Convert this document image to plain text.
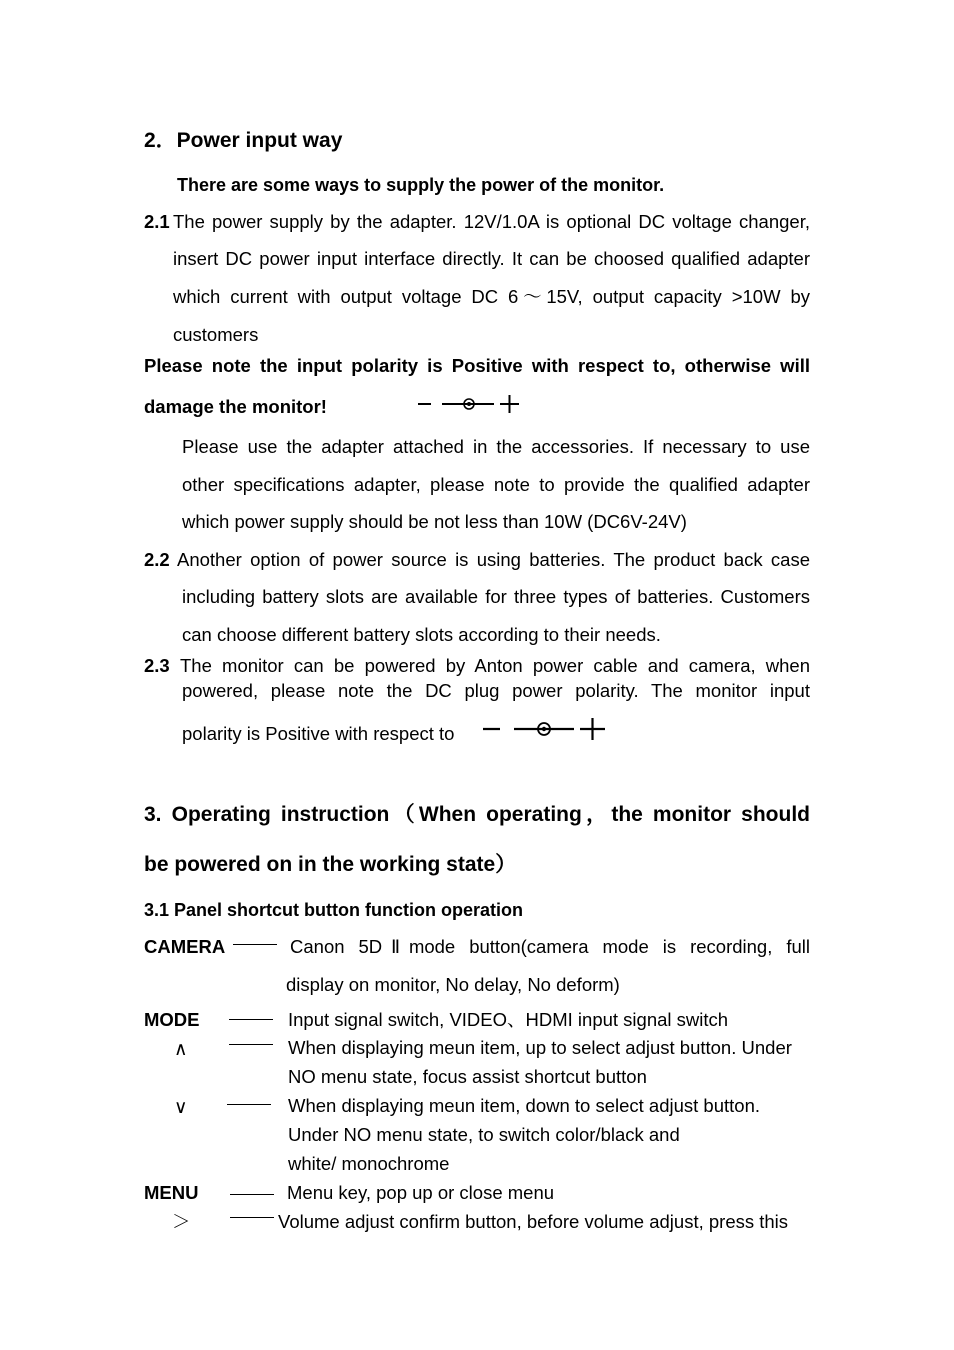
2．Power input way
There are some ways to supply the power of the monitor.
2.1 The power supply by the adapter. 12V/1.0A is optional DC voltage changer,
insert DC power input interface directly. It can be choosed qualified adapter
which current with output voltage DC 6～15V, output capacity >10W by
customers
Please note the input polarity is Positive with respect to, otherwise will
damage the monitor!
Please use the adapter attached in the accessories. If necessary to use
other specifications adapter, please note to provide the qualified adapter
which power supply should be not less than 10W (DC6V-24V)
2.2 Another option of power source is using batteries. The product back case
including battery slots are available for three types of batteries. Customers
can choose different battery slots according to their needs.
2.3 The monitor can be powered by Anton power cable and camera, when
powered, please note the DC plug power polarity. The monitor input
polarity is Positive with respect to
3. Operating instruction（When operating，the monitor should
be powered on in the working state）
3.1 Panel shortcut button function operation
CAMERA	Canon 5DⅡmode button(camera mode is recording, full
display on monitor, No delay, No deform)
MODE	Input signal switch, VIDEO、HDMI input signal switch
∧	When displaying meun item, up to select adjust button. Under
NO menu state, focus assist shortcut button
∨	When displaying meun item, down to select adjust button.
Under NO menu state, to switch color/black and
white/ monochrome
MENU	Menu key, pop up or close menu
＞	Volume adjust confirm button, before volume adjust, press this
